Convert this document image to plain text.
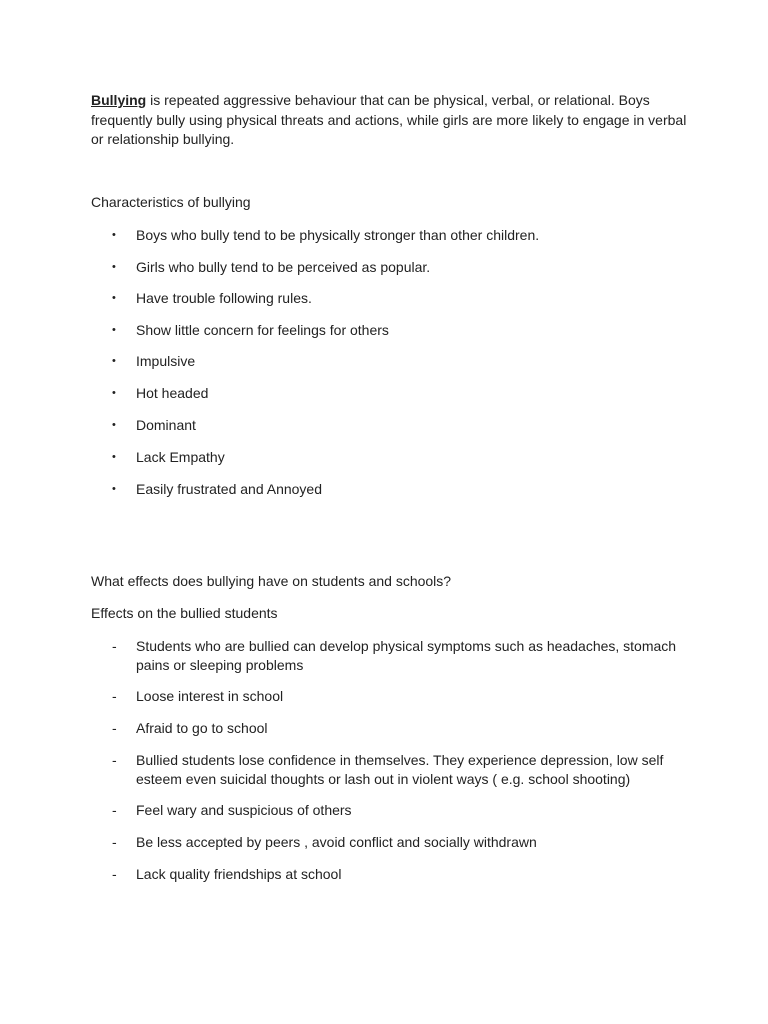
Bullying is repeated aggressive behaviour that can be physical, verbal, or relational. Boys frequently bully using physical threats and actions, while girls are more likely to engage in verbal or relationship bullying.

Characteristics of bullying

•	Boys who bully tend to be physically stronger than other children.
•	Girls who bully tend to be perceived as popular.
•	Have trouble following rules.
•	Show little concern for feelings for others
•	Impulsive
•	Hot headed
•	Dominant
•	Lack Empathy
•	Easily frustrated and Annoyed

What effects does bullying have on students and schools?

Effects on the bullied students

-	Students who are bullied can develop physical symptoms such as headaches, stomach pains or sleeping problems
-	Loose interest in school
-	Afraid to go to school
-	Bullied students lose confidence in themselves. They experience depression, low self esteem even suicidal thoughts or lash out in violent ways ( e.g. school shooting)
-	Feel wary and suspicious of others
-	Be less accepted by peers , avoid conflict and socially withdrawn
-	Lack quality friendships at school
